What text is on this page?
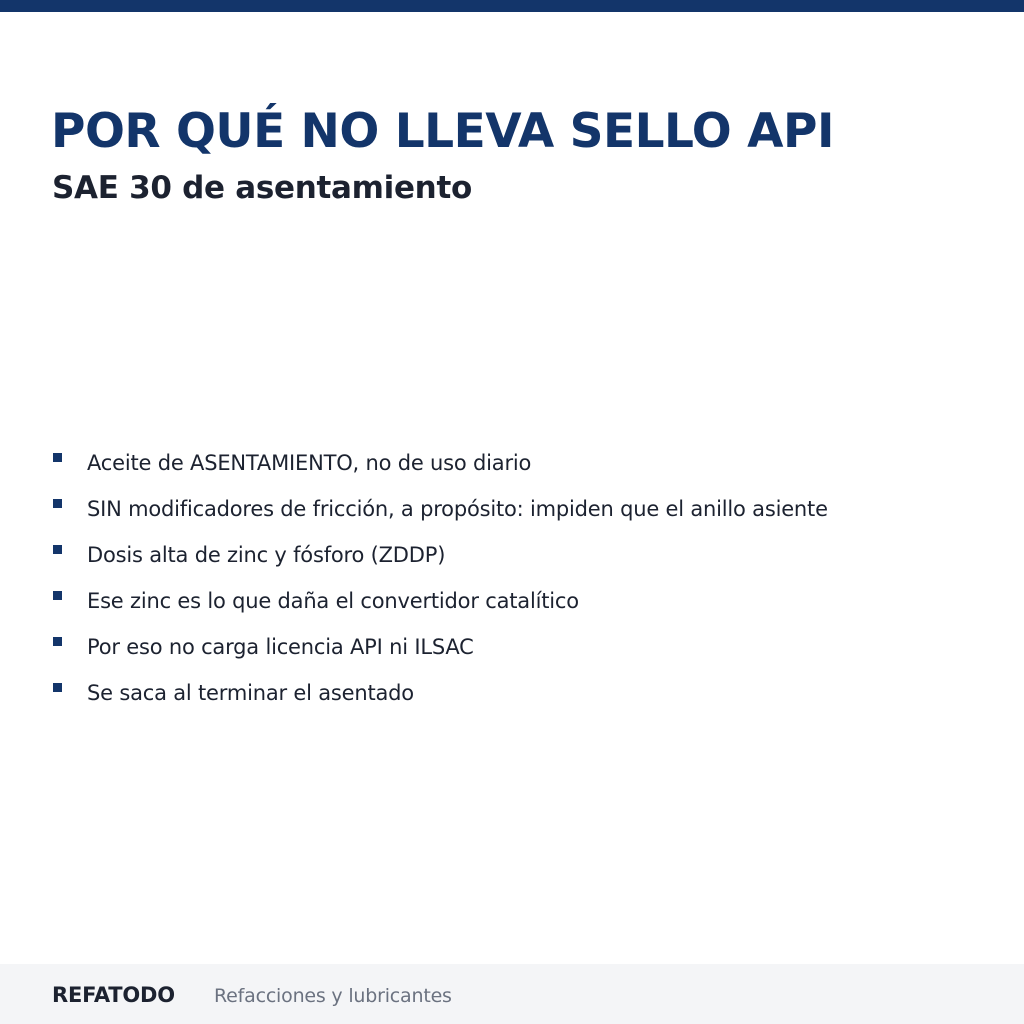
POR QUÉ NO LLEVA SELLO API
SAE 30 de asentamiento
Aceite de ASENTAMIENTO, no de uso diario
SIN modificadores de fricción, a propósito: impiden que el anillo asiente
Dosis alta de zinc y fósforo (ZDDP)
Ese zinc es lo que daña el convertidor catalítico
Por eso no carga licencia API ni ILSAC
Se saca al terminar el asentado
REFATODO Refacciones y lubricantes
